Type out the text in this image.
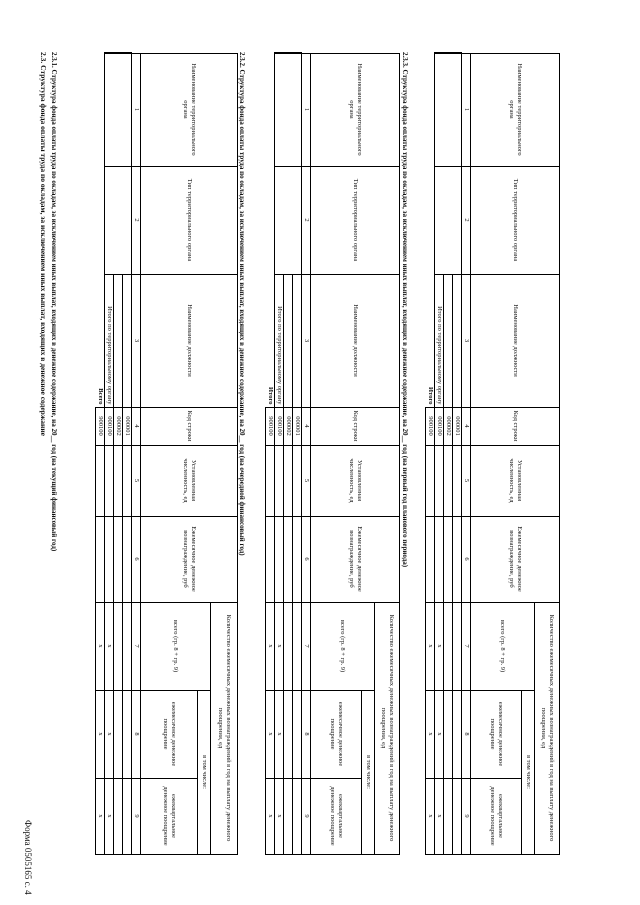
Форма 0505165 с. 4
2.3. Структура фонда оплаты труда по окладам, за исключением иных выплат, входящих в денежное содержание 2.3.1. Структура фонда оплаты труда по окладам, за исключением иных выплат, входящих в денежное содержание, на 20__ год (на текущий финансовый год)	Наименование территориального органа	Тип территориального органа	Наименование должности	Код строки	Установленная численность, ед	Ежемесячное денежное вознаграждение, руб	Количество ежемесячных денежных вознаграждений в год на выплату денежного поощрения, ед		
						всего (гр. 8 + гр. 9)	в том числе:	
							ежемесячное денежное поощрение	ежеквартальное денежное поощрение
1	2	3	4	5	6	7	8	9
			000001					
			000002					
		Итого по территориальному органу	000100			x	x	x
		Всего	900100			x	x	x
2.3.2. Структура фонда оплаты труда по окладам, за исключением иных выплат, входящих в денежное содержание, на 20__ год (на очередной финансовый год)	Наименование территориального органа	Тип территориального органа	Наименование должности	Код строки	Установленная численность, ед	Ежемесячное денежное вознаграждение, руб	Количество ежемесячных денежных вознаграждений в год на выплату денежного поощрения, ед		
						всего (гр. 8 + гр. 9)	в том числе:	
							ежемесячное денежное поощрение	ежеквартальное денежное поощрение
1	2	3	4	5	6	7	8	9
			000001					
			000002					
		Итого по территориальному органу	000100			x	x	x
		Итого	900100			x	x	x
2.3.3. Структура фонда оплаты труда по окладам, за исключением иных выплат, входящих в денежное содержание, на 20__ год (на первый год планового периода)	Наименование территориального органа	Тип территориального органа	Наименование должности	Код строки	Установленная численность, ед	Ежемесячное денежное вознаграждение, руб	Количество ежемесячных денежных вознаграждений в год на выплату денежного поощрения, ед		
						всего (гр. 8 + гр. 9)	в том числе:	
							ежемесячное денежное поощрение	ежеквартальное денежное поощрение
1	2	3	4	5	6	7	8	9
			000001					
			000002					
		Итого по территориальному органу	000100			x	x	x
		Итого	900100			x	x	x
